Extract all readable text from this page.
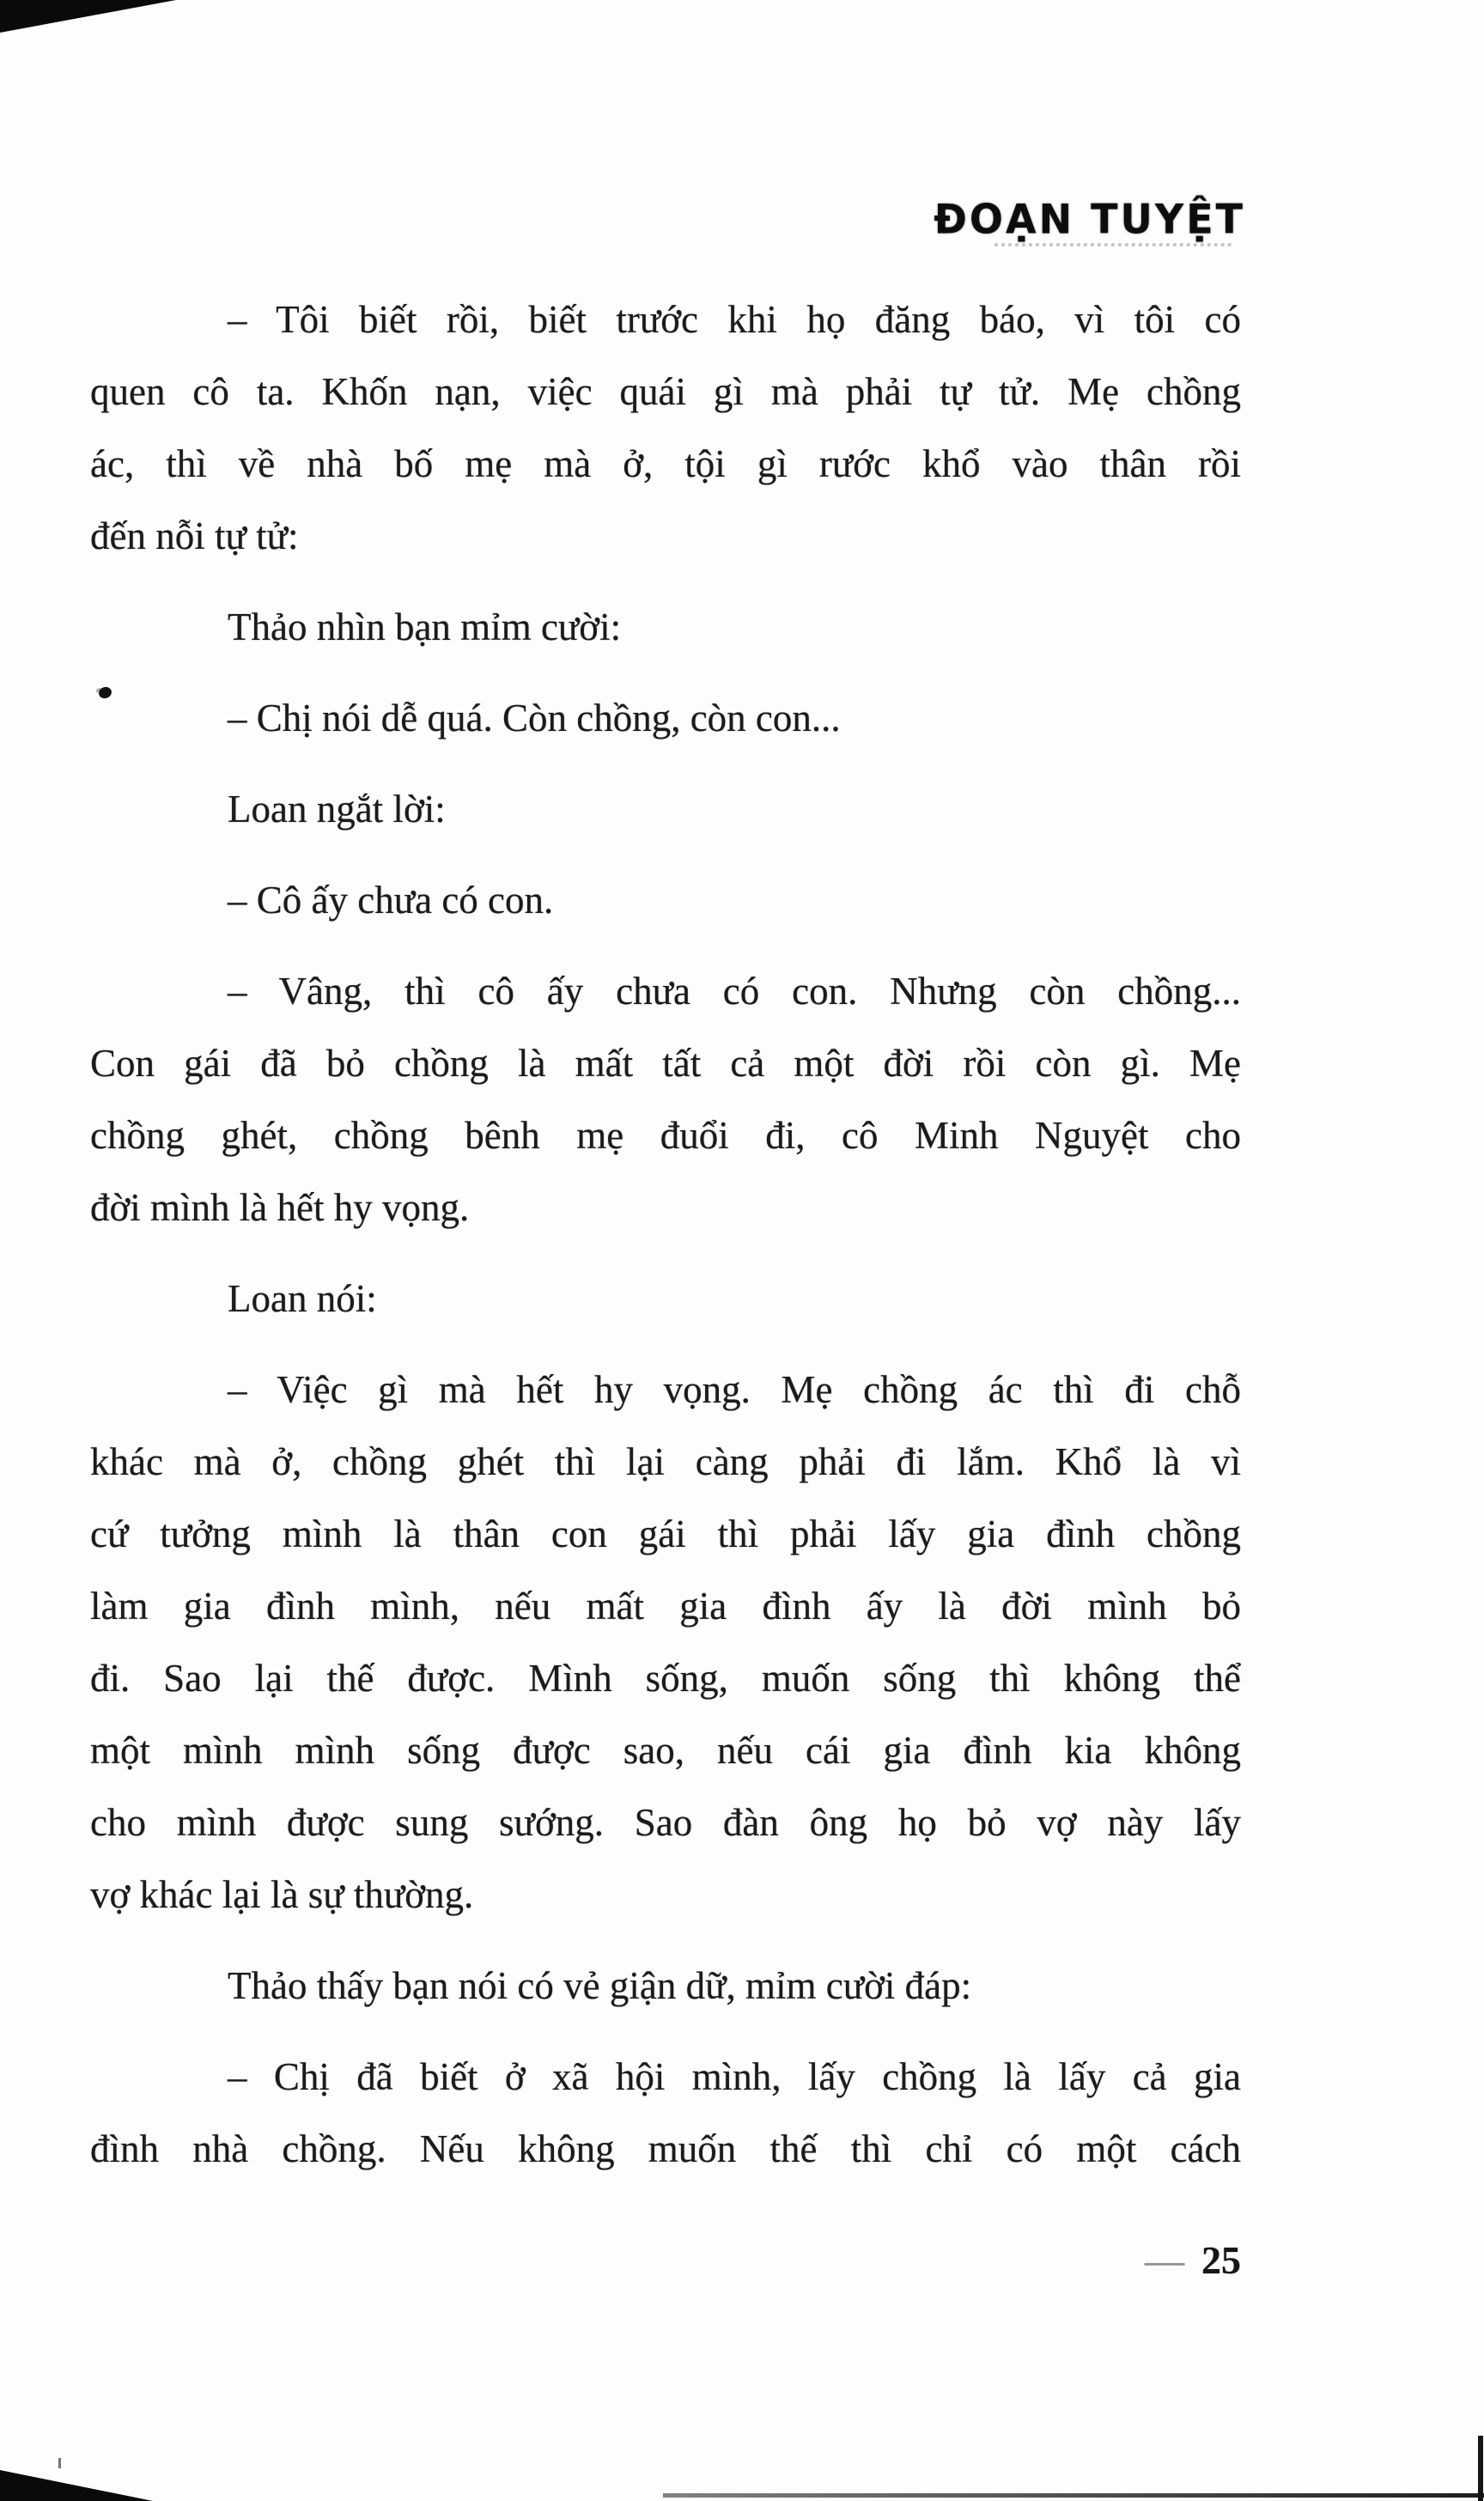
ĐOẠN TUYỆT
– Tôi biết rồi, biết trước khi họ đăng báo, vì tôi có
quen cô ta. Khốn nạn, việc quái gì mà phải tự tử. Mẹ chồng
ác, thì về nhà bố mẹ mà ở, tội gì rước khổ vào thân rồi
đến nỗi tự tử:
Thảo nhìn bạn mỉm cười:
– Chị nói dễ quá. Còn chồng, còn con...
Loan ngắt lời:
– Cô ấy chưa có con.
– Vâng, thì cô ấy chưa có con. Nhưng còn chồng...
Con gái đã bỏ chồng là mất tất cả một đời rồi còn gì. Mẹ
chồng ghét, chồng bênh mẹ đuổi đi, cô Minh Nguyệt cho
đời mình là hết hy vọng.
Loan nói:
– Việc gì mà hết hy vọng. Mẹ chồng ác thì đi chỗ
khác mà ở, chồng ghét thì lại càng phải đi lắm. Khổ là vì
cứ tưởng mình là thân con gái thì phải lấy gia đình chồng
làm gia đình mình, nếu mất gia đình ấy là đời mình bỏ
đi. Sao lại thế được. Mình sống, muốn sống thì không thể
một mình mình sống được sao, nếu cái gia đình kia không
cho mình được sung sướng. Sao đàn ông họ bỏ vợ này lấy
vợ khác lại là sự thường.
Thảo thấy bạn nói có vẻ giận dữ, mỉm cười đáp:
– Chị đã biết ở xã hội mình, lấy chồng là lấy cả gia
đình nhà chồng. Nếu không muốn thế thì chỉ có một cách
— 25
